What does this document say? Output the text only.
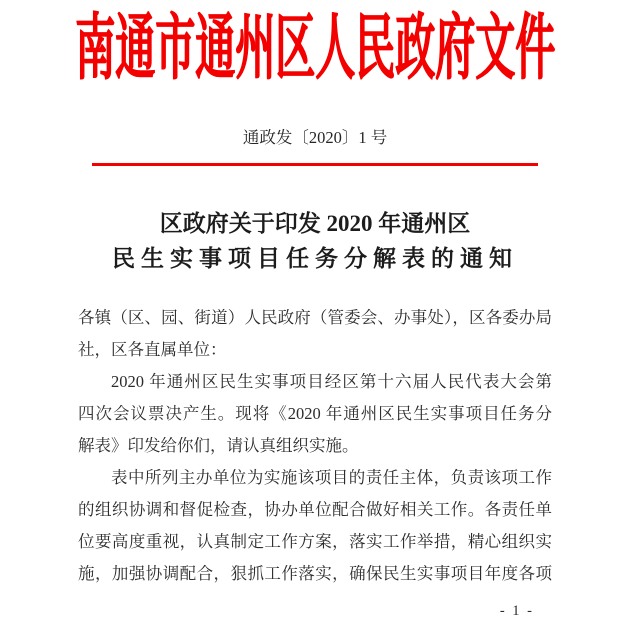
南通市通州区人民政府文件
通政发〔2020〕1 号
区政府关于印发 2020 年通州区
民生实事项目任务分解表的通知
各镇（区、园、街道）人民政府（管委会、办事处），区各委办局
社，区各直属单位：
2020 年通州区民生实事项目经区第十六届人民代表大会第
四次会议票决产生。现将《2020 年通州区民生实事项目任务分
解表》印发给你们，请认真组织实施。
表中所列主办单位为实施该项目的责任主体，负责该项工作
的组织协调和督促检查，协办单位配合做好相关工作。各责任单
位要高度重视，认真制定工作方案，落实工作举措，精心组织实
施，加强协调配合，狠抓工作落实，确保民生实事项目年度各项
- 1 -
